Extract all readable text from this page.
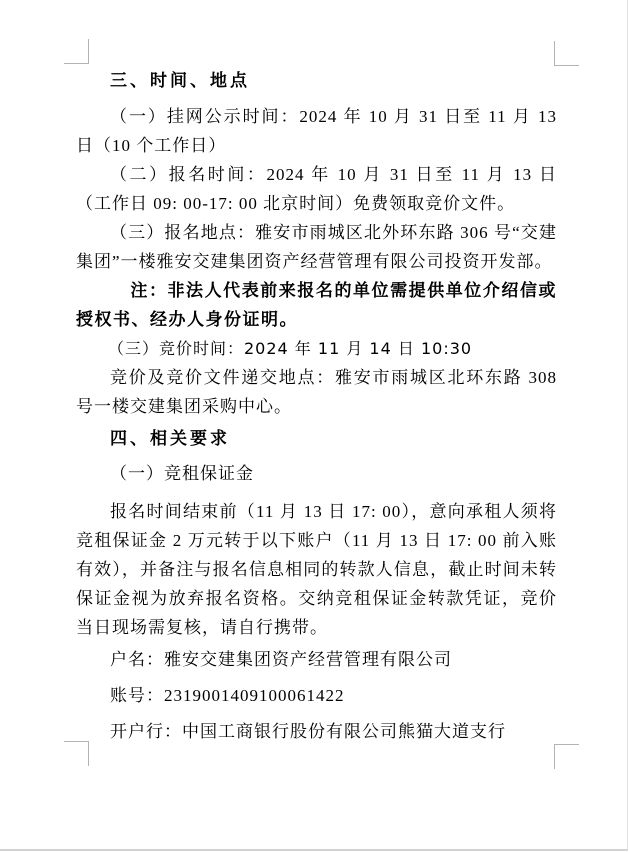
三、时间、地点

（一）挂网公示时间：2024 年 10 月 31 日至 11 月 13 日（10 个工作日）

（二）报名时间：2024 年 10 月 31 日至 11 月 13 日（工作日 09: 00-17: 00 北京时间）免费领取竞价文件。

（三）报名地点：雅安市雨城区北外环东路 306 号“交建集团”一楼雅安交建集团资产经营管理有限公司投资开发部。

注：非法人代表前来报名的单位需提供单位介绍信或授权书、经办人身份证明。

（三）竞价时间：2024 年 11 月 14 日 10:30

竞价及竞价文件递交地点：雅安市雨城区北环东路 308 号一楼交建集团采购中心。

四、相关要求

（一）竞租保证金

报名时间结束前（11 月 13 日 17: 00），意向承租人须将竞租保证金 2 万元转于以下账户（11 月 13 日 17: 00 前入账有效），并备注与报名信息相同的转款人信息，截止时间未转保证金视为放弃报名资格。交纳竞租保证金转款凭证，竞价当日现场需复核，请自行携带。

户名：雅安交建集团资产经营管理有限公司

账号：2319001409100061422

开户行：中国工商银行股份有限公司熊猫大道支行
